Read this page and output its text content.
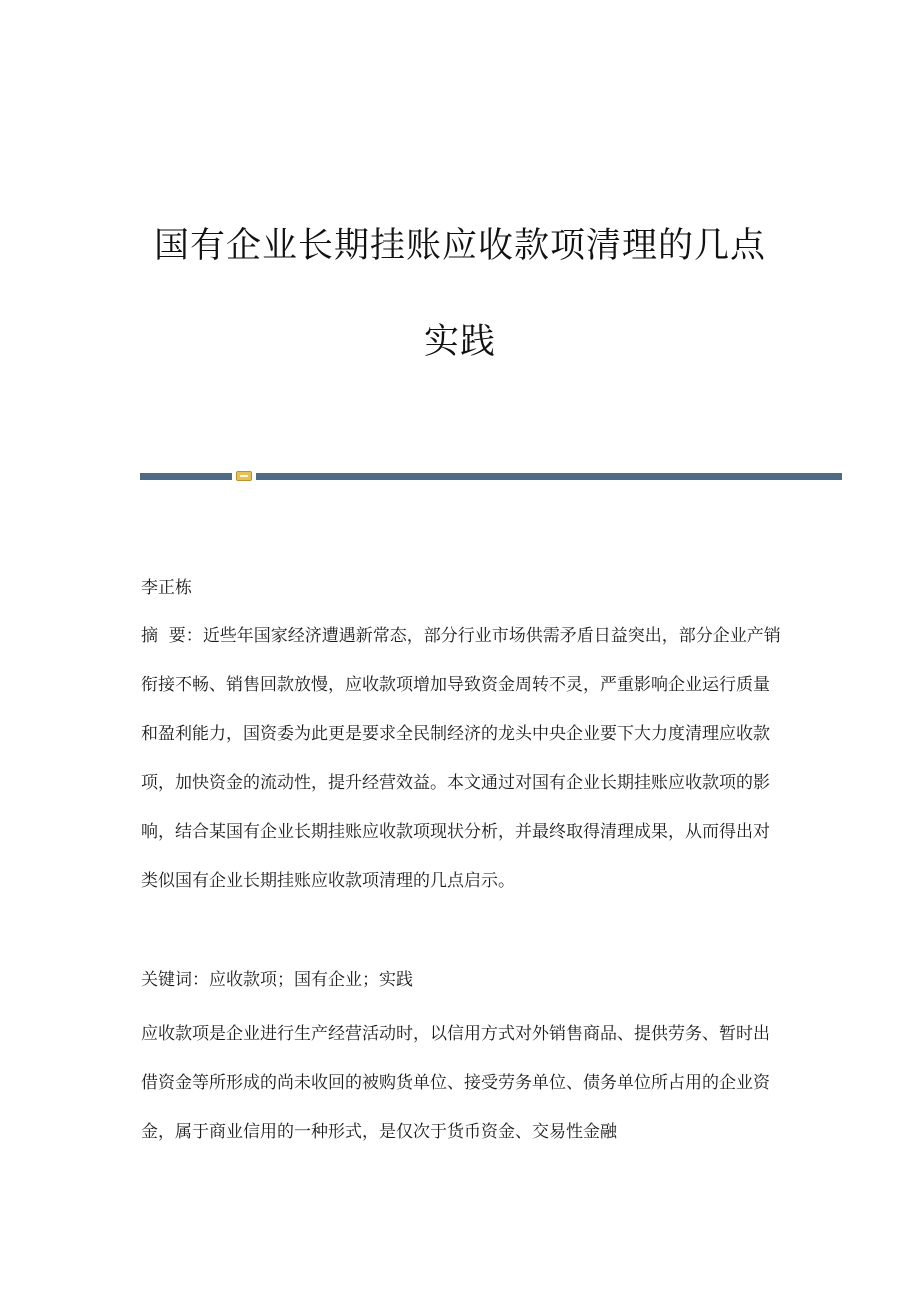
国有企业长期挂账应收款项清理的几点
实践

李正栋

摘  要：近些年国家经济遭遇新常态，部分行业市场供需矛盾日益突出，部分企业产销衔接不畅、销售回款放慢，应收款项增加导致资金周转不灵，严重影响企业运行质量和盈利能力，国资委为此更是要求全民制经济的龙头中央企业要下大力度清理应收款项，加快资金的流动性，提升经营效益。本文通过对国有企业长期挂账应收款项的影响，结合某国有企业长期挂账应收款项现状分析，并最终取得清理成果，从而得出对类似国有企业长期挂账应收款项清理的几点启示。

关键词：应收款项；国有企业；实践

应收款项是企业进行生产经营活动时，以信用方式对外销售商品、提供劳务、暂时出借资金等所形成的尚未收回的被购货单位、接受劳务单位、债务单位所占用的企业资金，属于商业信用的一种形式，是仅次于货币资金、交易性金融
